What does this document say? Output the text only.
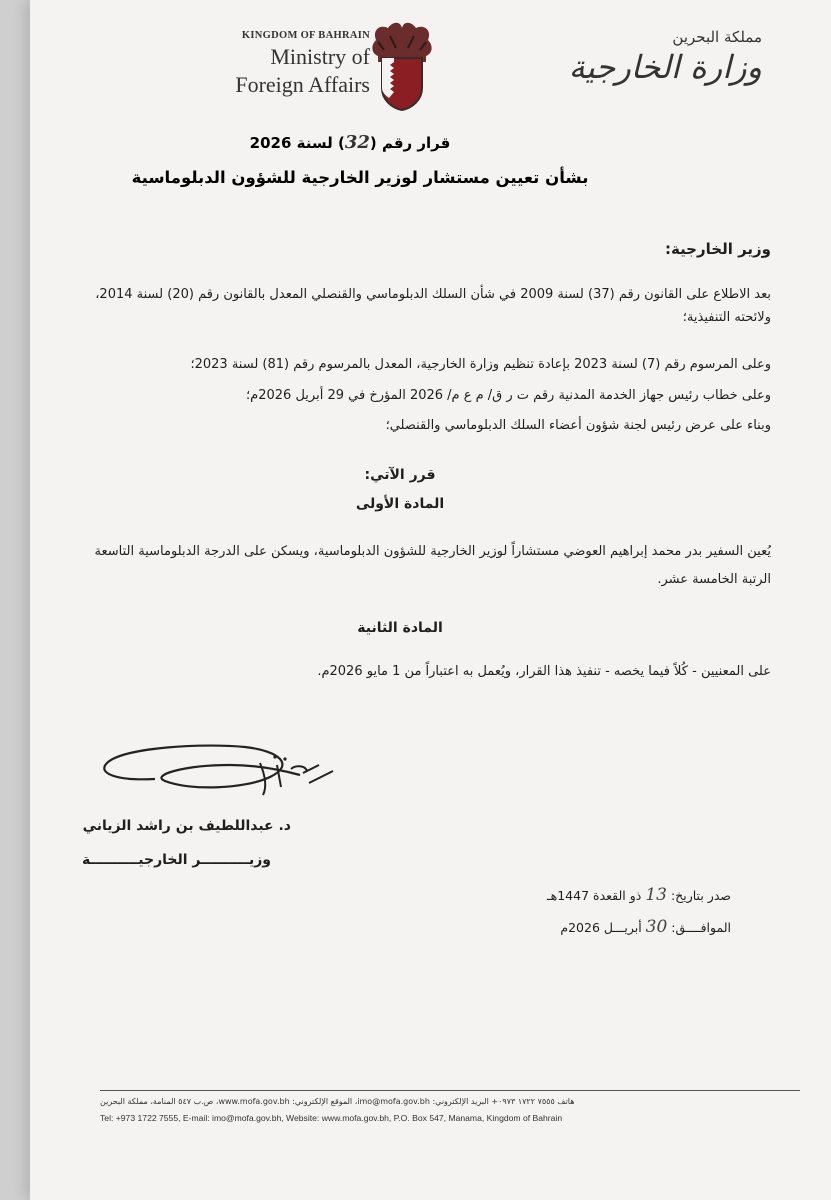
KINGDOM OF BAHRAIN
Ministry of
Foreign Affairs
مملكة البحرين
وزارة الخارجية
قرار رقم (32) لسنة 2026
بشأن تعيين مستشار لوزير الخارجية للشؤون الدبلوماسية
وزير الخارجية:
بعد الاطلاع على القانون رقم (37) لسنة 2009 في شأن السلك الدبلوماسي والقنصلي المعدل بالقانون رقم (20) لسنة 2014، ولائحته التنفيذية؛
وعلى المرسوم رقم (7) لسنة 2023 بإعادة تنظيم وزارة الخارجية، المعدل بالمرسوم رقم (81) لسنة 2023؛
وعلى خطاب رئيس جهاز الخدمة المدنية رقم ت ر ق/ م ع م/ 2026 المؤرخ في 29 أبريل 2026م؛
وبناء على عرض رئيس لجنة شؤون أعضاء السلك الدبلوماسي والقنصلي؛
قرر الآتي:
المادة الأولى
يُعين السفير بدر محمد إبراهيم العوضي مستشاراً لوزير الخارجية للشؤون الدبلوماسية، ويسكن على الدرجة الدبلوماسية التاسعة الرتبة الخامسة عشر.
المادة الثانية
على المعنيين - كُلاً فيما يخصه - تنفيذ هذا القرار، ويُعمل به اعتباراً من 1 مايو 2026م.
د. عبداللطيف بن راشد الزياني
وزيــــــــــر الخارجيــــــــــة
صدر بتاريخ: 13 ذو القعدة 1447هـ
الموافــــق: 30 أبريـــل 2026م
هاتف ٧٥٥٥ ١٧٢٢ ٠٩٧٣+ البريد الإلكتروني: imo@mofa.gov.bh، الموقع الإلكتروني: www.mofa.gov.bh، ص.ب ٥٤٧ المنامة، مملكة البحرين
Tel: +973 1722 7555, E-mail: imo@mofa.gov.bh, Website: www.mofa.gov.bh, P.O. Box 547, Manama, Kingdom of Bahrain
